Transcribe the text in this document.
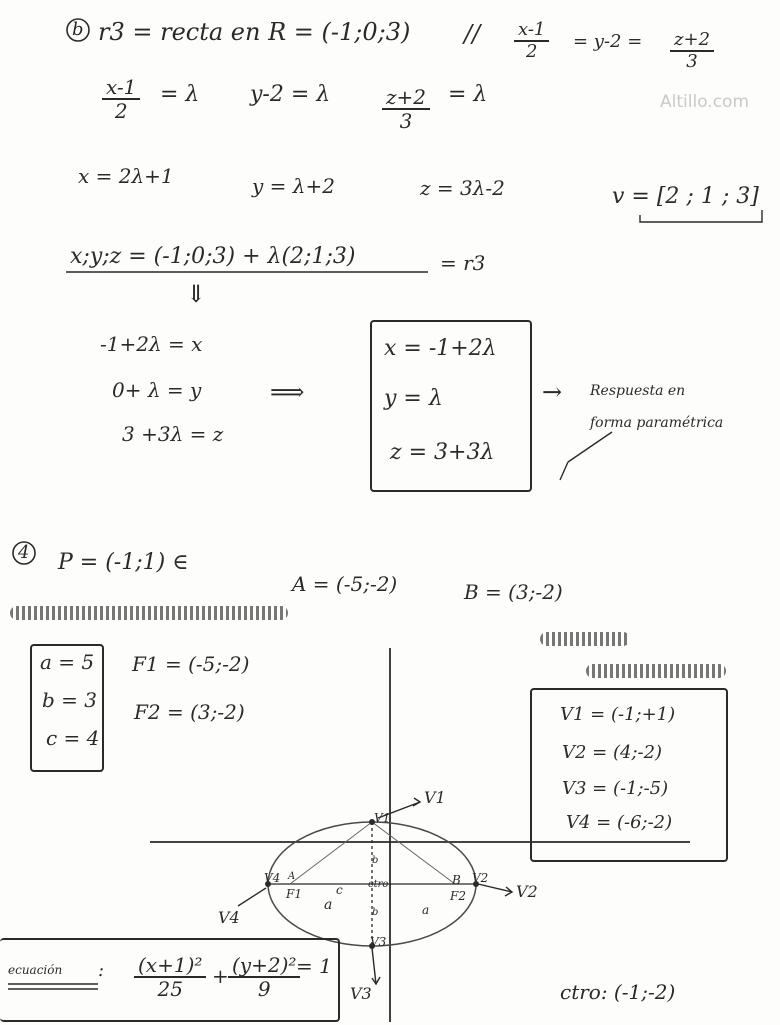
Altillo.com
b r3 = recta en R = (-1;0;3) // $\frac{x-1}{2} = y-2 = \frac{z+2}{3}$
$\frac{x-1}{2} = \lambda$ y-2 = λ	$\frac{z+2}{3} = \lambda$
x = 2λ+1	y = λ+2	z = 3λ-2	v = [2 ; 1 ; 3]
x;y;z = (-1;0;3) + λ(2;1;3)	= r3
⇓
-1+2λ = x
0+ λ = y
3 +3λ = z
⟹
x = -1+2λ
y = λ
z = 3+3λ
→ Respuesta en
forma paramétrica
4 P = (-1;1) ∈
A = (-5;-2)	B = (3;-2)
a = 5
b = 3
c = 4
F1 = (-5;-2)
F2 = (3;-2)	V1 = (-1;+1)
V2 = (4;-2)
V3 = (-1;-5)
V4 = (-6;-2)
V1
V1
V2
V2
V3
V3
V4
V4
F1	F2
ctro
a	a
b
b
c
A	B
ecuación : $\frac{\text{(x+1)²}}{25} + \frac{\text{(y+2)²}}{9}$
= 1
ctro: (-1;-2)
